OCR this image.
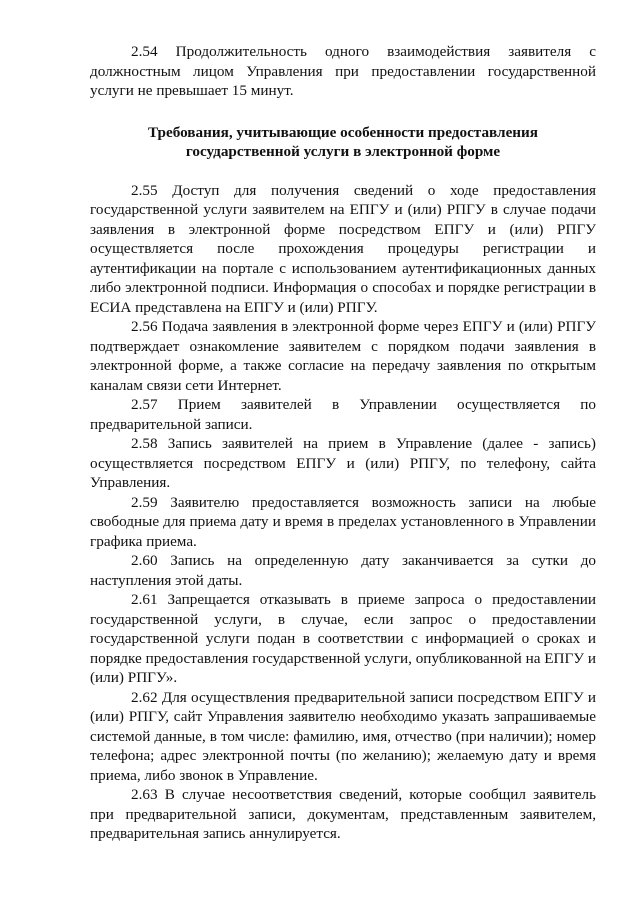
2.54 Продолжительность одного взаимодействия заявителя с должностным лицом Управления при предоставлении государственной услуги не превышает 15 минут.

Требования, учитывающие особенности предоставления государственной услуги в электронной форме

2.55 Доступ для получения сведений о ходе предоставления государственной услуги заявителем на ЕПГУ и (или) РПГУ в случае подачи заявления в электронной форме посредством ЕПГУ и (или) РПГУ осуществляется после прохождения процедуры регистрации и аутентификации на портале с использованием аутентификационных данных либо электронной подписи. Информация о способах и порядке регистрации в ЕСИА представлена на ЕПГУ и (или) РПГУ.

2.56 Подача заявления в электронной форме через ЕПГУ и (или) РПГУ подтверждает ознакомление заявителем с порядком подачи заявления в электронной форме, а также согласие на передачу заявления по открытым каналам связи сети Интернет.

2.57 Прием заявителей в Управлении осуществляется по предварительной записи.

2.58 Запись заявителей на прием в Управление (далее - запись) осуществляется посредством ЕПГУ и (или) РПГУ, по телефону, сайта Управления.

2.59 Заявителю предоставляется возможность записи на любые свободные для приема дату и время в пределах установленного в Управлении графика приема.

2.60 Запись на определенную дату заканчивается за сутки до наступления этой даты.

2.61 Запрещается отказывать в приеме запроса о предоставлении государственной услуги, в случае, если запрос о предоставлении государственной услуги подан в соответствии с информацией о сроках и порядке предоставления государственной услуги, опубликованной на ЕПГУ и (или) РПГУ».

2.62 Для осуществления предварительной записи посредством ЕПГУ и (или) РПГУ, сайт Управления заявителю необходимо указать запрашиваемые системой данные, в том числе: фамилию, имя, отчество (при наличии); номер телефона; адрес электронной почты (по желанию); желаемую дату и время приема, либо звонок в Управление.

2.63 В случае несоответствия сведений, которые сообщил заявитель при предварительной записи, документам, представленным заявителем, предварительная запись аннулируется.
